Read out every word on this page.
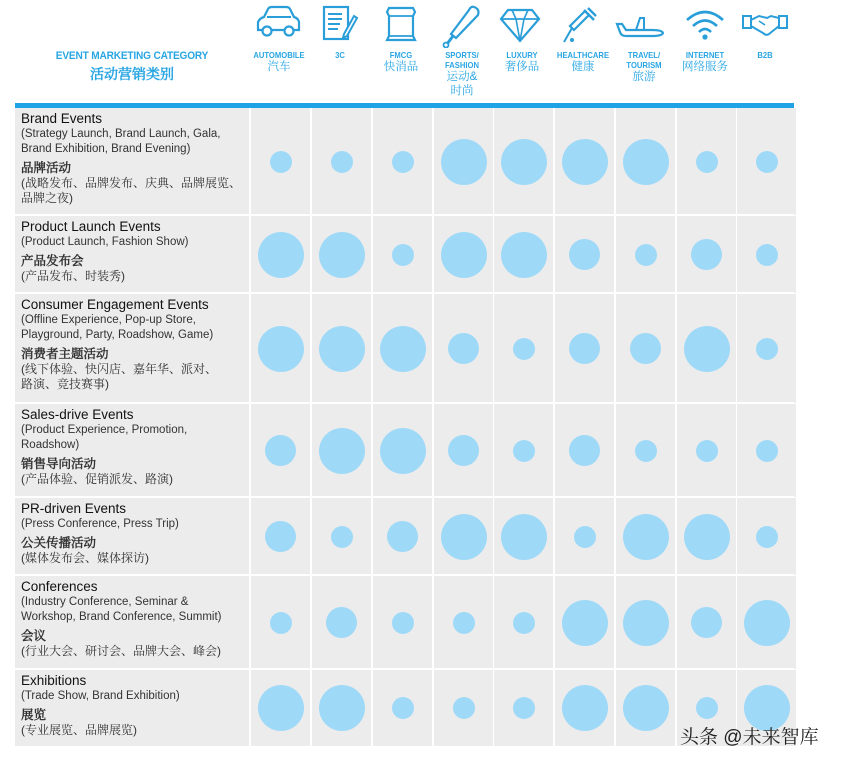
EVENT MARKETING CATEGORY
活动营销类别
AUTOMOBILE
汽车
3C	FMCG
快消品
SPORTS/
FASHION
运动&
时尚
LUXURY
奢侈品
HEALTHCARE
健康
TRAVEL/
TOURISM
旅游
INTERNET
网络服务
B2B
Brand Events
(Strategy Launch, Brand Launch, Gala,
Brand Exhibition, Brand Evening)
品牌活动
(战略发布、品牌发布、庆典、品牌展览、
品牌之夜)
Product Launch Events
(Product Launch, Fashion Show)
产品发布会
(产品发布、时装秀)
Consumer Engagement Events
(Offline Experience, Pop-up Store,
Playground, Party, Roadshow, Game)
消费者主题活动
(线下体验、快闪店、嘉年华、派对、
路演、竞技赛事)
Sales-drive Events
(Product Experience, Promotion,
Roadshow)
销售导向活动
(产品体验、促销派发、路演)
PR-driven Events
(Press Conference, Press Trip)
公关传播活动
(媒体发布会、媒体探访)
Conferences
(Industry Conference, Seminar &
Workshop, Brand Conference, Summit)
会议
(行业大会、研讨会、品牌大会、峰会)
Exhibitions
(Trade Show, Brand Exhibition)
展览
(专业展览、品牌展览)	头条 @未来智库
